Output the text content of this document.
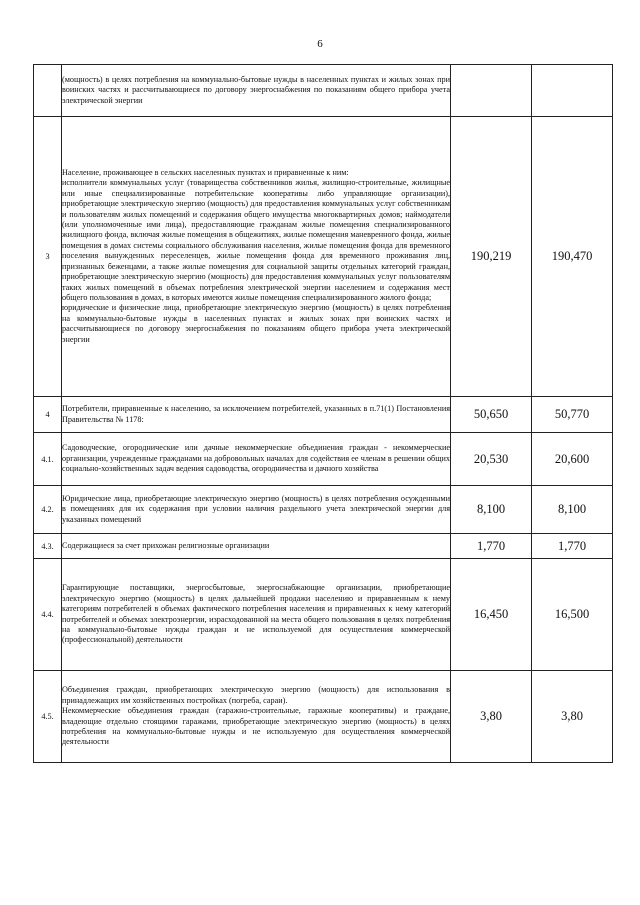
6

	(мощность) в целях потребления на коммунально-бытовые нужды в населенных пунктах и жилых зонах при воинских частях и рассчитывающиеся по договору энергоснабжения по показаниям общего прибора учета электрической энергии		

3	Население, проживающее в сельских населенных пунктах и приравненные к ним:

исполнители коммунальных услуг (товарищества собственников жилья, жилищно-строительные, жилищные или иные специализированные потребительские кооперативы либо управляющие организации), приобретающие электрическую энергию (мощность) для предоставления коммунальных услуг собственникам и пользователям жилых помещений и содержания общего имущества многоквартирных домов; наймодатели (или уполномоченные ими лица), предоставляющие гражданам жилые помещения специализированного жилищного фонда, включая жилые помещения в общежитиях, жилые помещения маневренного фонда, жилые помещения в домах системы социального обслуживания населения, жилые помещения фонда для временного поселения вынужденных переселенцев, жилые помещения фонда для временного проживания лиц, признанных беженцами, а также жилые помещения для социальной защиты отдельных категорий граждан, приобретающие электрическую энергию (мощность) для предоставления коммунальных услуг пользователям таких жилых помещений в объемах потребления электрической энергии населением и содержания мест общего пользования в домах, в которых имеются жилые помещения специализированного жилого фонда;

юридические и физические лица, приобретающие электрическую энергию (мощность) в целях потребления на коммунально-бытовые нужды в населенных пунктах и жилых зонах при воинских частях и рассчитывающиеся по договору энергоснабжения по показаниям общего прибора учета электрической энергии	190,219	190,470
4	Потребители, приравненные к населению, за исключением потребителей, указанных в п.71(1) Постановления Правительства № 1178:	50,650	50,770
4.1.	Садоводческие, огороднические или дачные некоммерческие объединения граждан - некоммерческие организации, учрежденные гражданами на добровольных началах для содействия ее членам в решении общих социально-хозяйственных задач ведения садоводства, огородничества и дачного хозяйства	20,530	20,600
4.2.	Юридические лица, приобретающие электрическую энергию (мощность) в целях потребления осужденными в помещениях для их содержания при условии наличия раздельного учета электрической энергии для указанных помещений	8,100	8,100
4.3.	Содержащиеся за счет прихожан религиозные организации	1,770	1,770
4.4.	Гарантирующие поставщики, энергосбытовые, энергоснабжающие организации, приобретающие электрическую энергию (мощность) в целях дальнейшей продажи населению и приравненным к нему категориям потребителей в объемах фактического потребления населения и приравненных к нему категорий потребителей и объемах электроэнергии, израсходованной на места общего пользования в целях потребления на коммунально-бытовые нужды граждан и не используемой для осуществления коммерческой (профессиональной) деятельности	16,450	16,500
4.5.	Объединения граждан, приобретающих электрическую энергию (мощность) для использования в принадлежащих им хозяйственных постройках (погреба, сараи).

Некоммерческие объединения граждан (гаражно-строительные, гаражные кооперативы) и граждане, владеющие отдельно стоящими гаражами, приобретающие электрическую энергию (мощность) в целях потребления на коммунально-бытовые нужды и не используемую для осуществления коммерческой деятельности	3,80	3,80
